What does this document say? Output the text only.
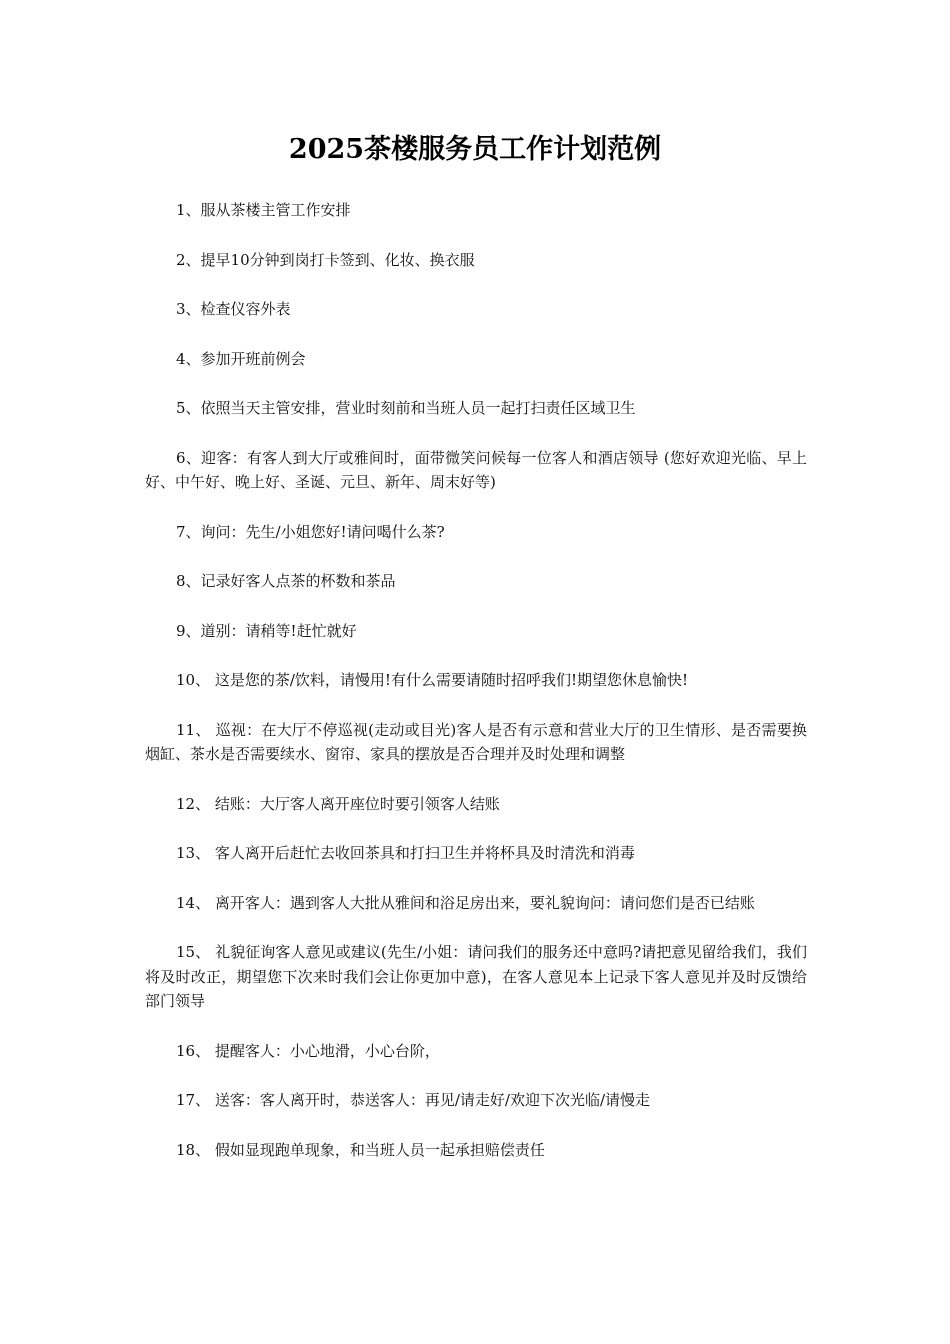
2025茶楼服务员工作计划范例

1、服从茶楼主管工作安排

2、提早10分钟到岗打卡签到、化妆、换衣服

3、检查仪容外表

4、参加开班前例会

5、依照当天主管安排，营业时刻前和当班人员一起打扫责任区域卫生

6、迎客：有客人到大厅或雅间时，面带微笑问候每一位客人和酒店领导 (您好欢迎光临、早上好、中午好、晚上好、圣诞、元旦、新年、周末好等)

7、询问：先生/小姐您好!请问喝什么茶?

8、记录好客人点茶的杯数和茶品

9、道别：请稍等!赶忙就好

10、 这是您的茶/饮料，请慢用!有什么需要请随时招呼我们!期望您休息愉快!

11、 巡视：在大厅不停巡视(走动或目光)客人是否有示意和营业大厅的卫生情形、是否需要换烟缸、茶水是否需要续水、窗帘、家具的摆放是否合理并及时处理和调整

12、 结账：大厅客人离开座位时要引领客人结账

13、 客人离开后赶忙去收回茶具和打扫卫生并将杯具及时清洗和消毒

14、 离开客人：遇到客人大批从雅间和浴足房出来，要礼貌询问：请问您们是否已结账

15、 礼貌征询客人意见或建议(先生/小姐：请问我们的服务还中意吗?请把意见留给我们，我们将及时改正，期望您下次来时我们会让你更加中意)，在客人意见本上记录下客人意见并及时反馈给部门领导

16、 提醒客人：小心地滑，小心台阶，

17、 送客：客人离开时，恭送客人：再见/请走好/欢迎下次光临/请慢走

18、 假如显现跑单现象，和当班人员一起承担赔偿责任
